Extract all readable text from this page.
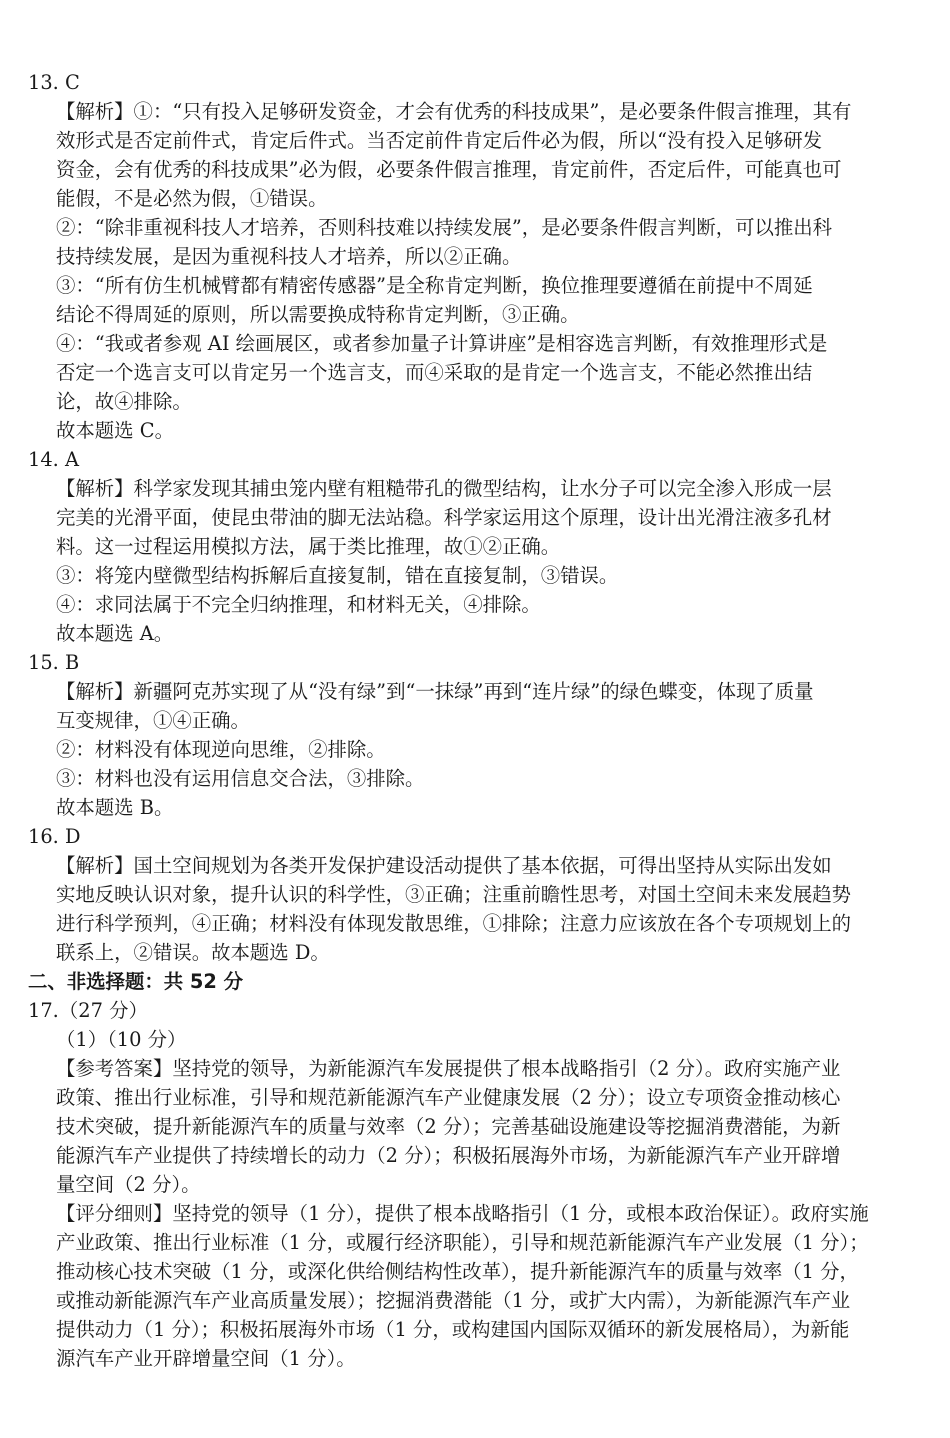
13. C
【解析】①：“只有投入足够研发资金，才会有优秀的科技成果”，是必要条件假言推理，其有
效形式是否定前件式，肯定后件式。当否定前件肯定后件必为假，所以“没有投入足够研发
资金，会有优秀的科技成果”必为假，必要条件假言推理，肯定前件，否定后件，可能真也可
能假，不是必然为假，①错误。
②：“除非重视科技人才培养，否则科技难以持续发展”，是必要条件假言判断，可以推出科
技持续发展，是因为重视科技人才培养，所以②正确。
③：“所有仿生机械臂都有精密传感器”是全称肯定判断，换位推理要遵循在前提中不周延
结论不得周延的原则，所以需要换成特称肯定判断，③正确。
④：“我或者参观 AI 绘画展区，或者参加量子计算讲座”是相容选言判断，有效推理形式是
否定一个选言支可以肯定另一个选言支，而④采取的是肯定一个选言支，不能必然推出结
论，故④排除。
故本题选 C。
14. A
【解析】科学家发现其捕虫笼内壁有粗糙带孔的微型结构，让水分子可以完全渗入形成一层
完美的光滑平面，使昆虫带油的脚无法站稳。科学家运用这个原理，设计出光滑注液多孔材
料。这一过程运用模拟方法，属于类比推理，故①②正确。
③：将笼内壁微型结构拆解后直接复制，错在直接复制，③错误。
④：求同法属于不完全归纳推理，和材料无关，④排除。
故本题选 A。
15. B
【解析】新疆阿克苏实现了从“没有绿”到“一抹绿”再到“连片绿”的绿色蝶变，体现了质量
互变规律，①④正确。
②：材料没有体现逆向思维，②排除。
③：材料也没有运用信息交合法，③排除。
故本题选 B。
16. D
【解析】国土空间规划为各类开发保护建设活动提供了基本依据，可得出坚持从实际出发如
实地反映认识对象，提升认识的科学性，③正确；注重前瞻性思考，对国土空间未来发展趋势
进行科学预判，④正确；材料没有体现发散思维，①排除；注意力应该放在各个专项规划上的
联系上，②错误。故本题选 D。
二、非选择题：共 52 分
17.（27 分）
（1）（10 分）
【参考答案】坚持党的领导，为新能源汽车发展提供了根本战略指引（2 分）。政府实施产业
政策、推出行业标准，引导和规范新能源汽车产业健康发展（2 分）；设立专项资金推动核心
技术突破，提升新能源汽车的质量与效率（2 分）；完善基础设施建设等挖掘消费潜能，为新
能源汽车产业提供了持续增长的动力（2 分）；积极拓展海外市场，为新能源汽车产业开辟增
量空间（2 分）。
【评分细则】坚持党的领导（1 分），提供了根本战略指引（1 分，或根本政治保证）。政府实施
产业政策、推出行业标准（1 分，或履行经济职能），引导和规范新能源汽车产业发展（1 分）；
推动核心技术突破（1 分，或深化供给侧结构性改革），提升新能源汽车的质量与效率（1 分，
或推动新能源汽车产业高质量发展）；挖掘消费潜能（1 分，或扩大内需），为新能源汽车产业
提供动力（1 分）；积极拓展海外市场（1 分，或构建国内国际双循环的新发展格局），为新能
源汽车产业开辟增量空间（1 分）。
